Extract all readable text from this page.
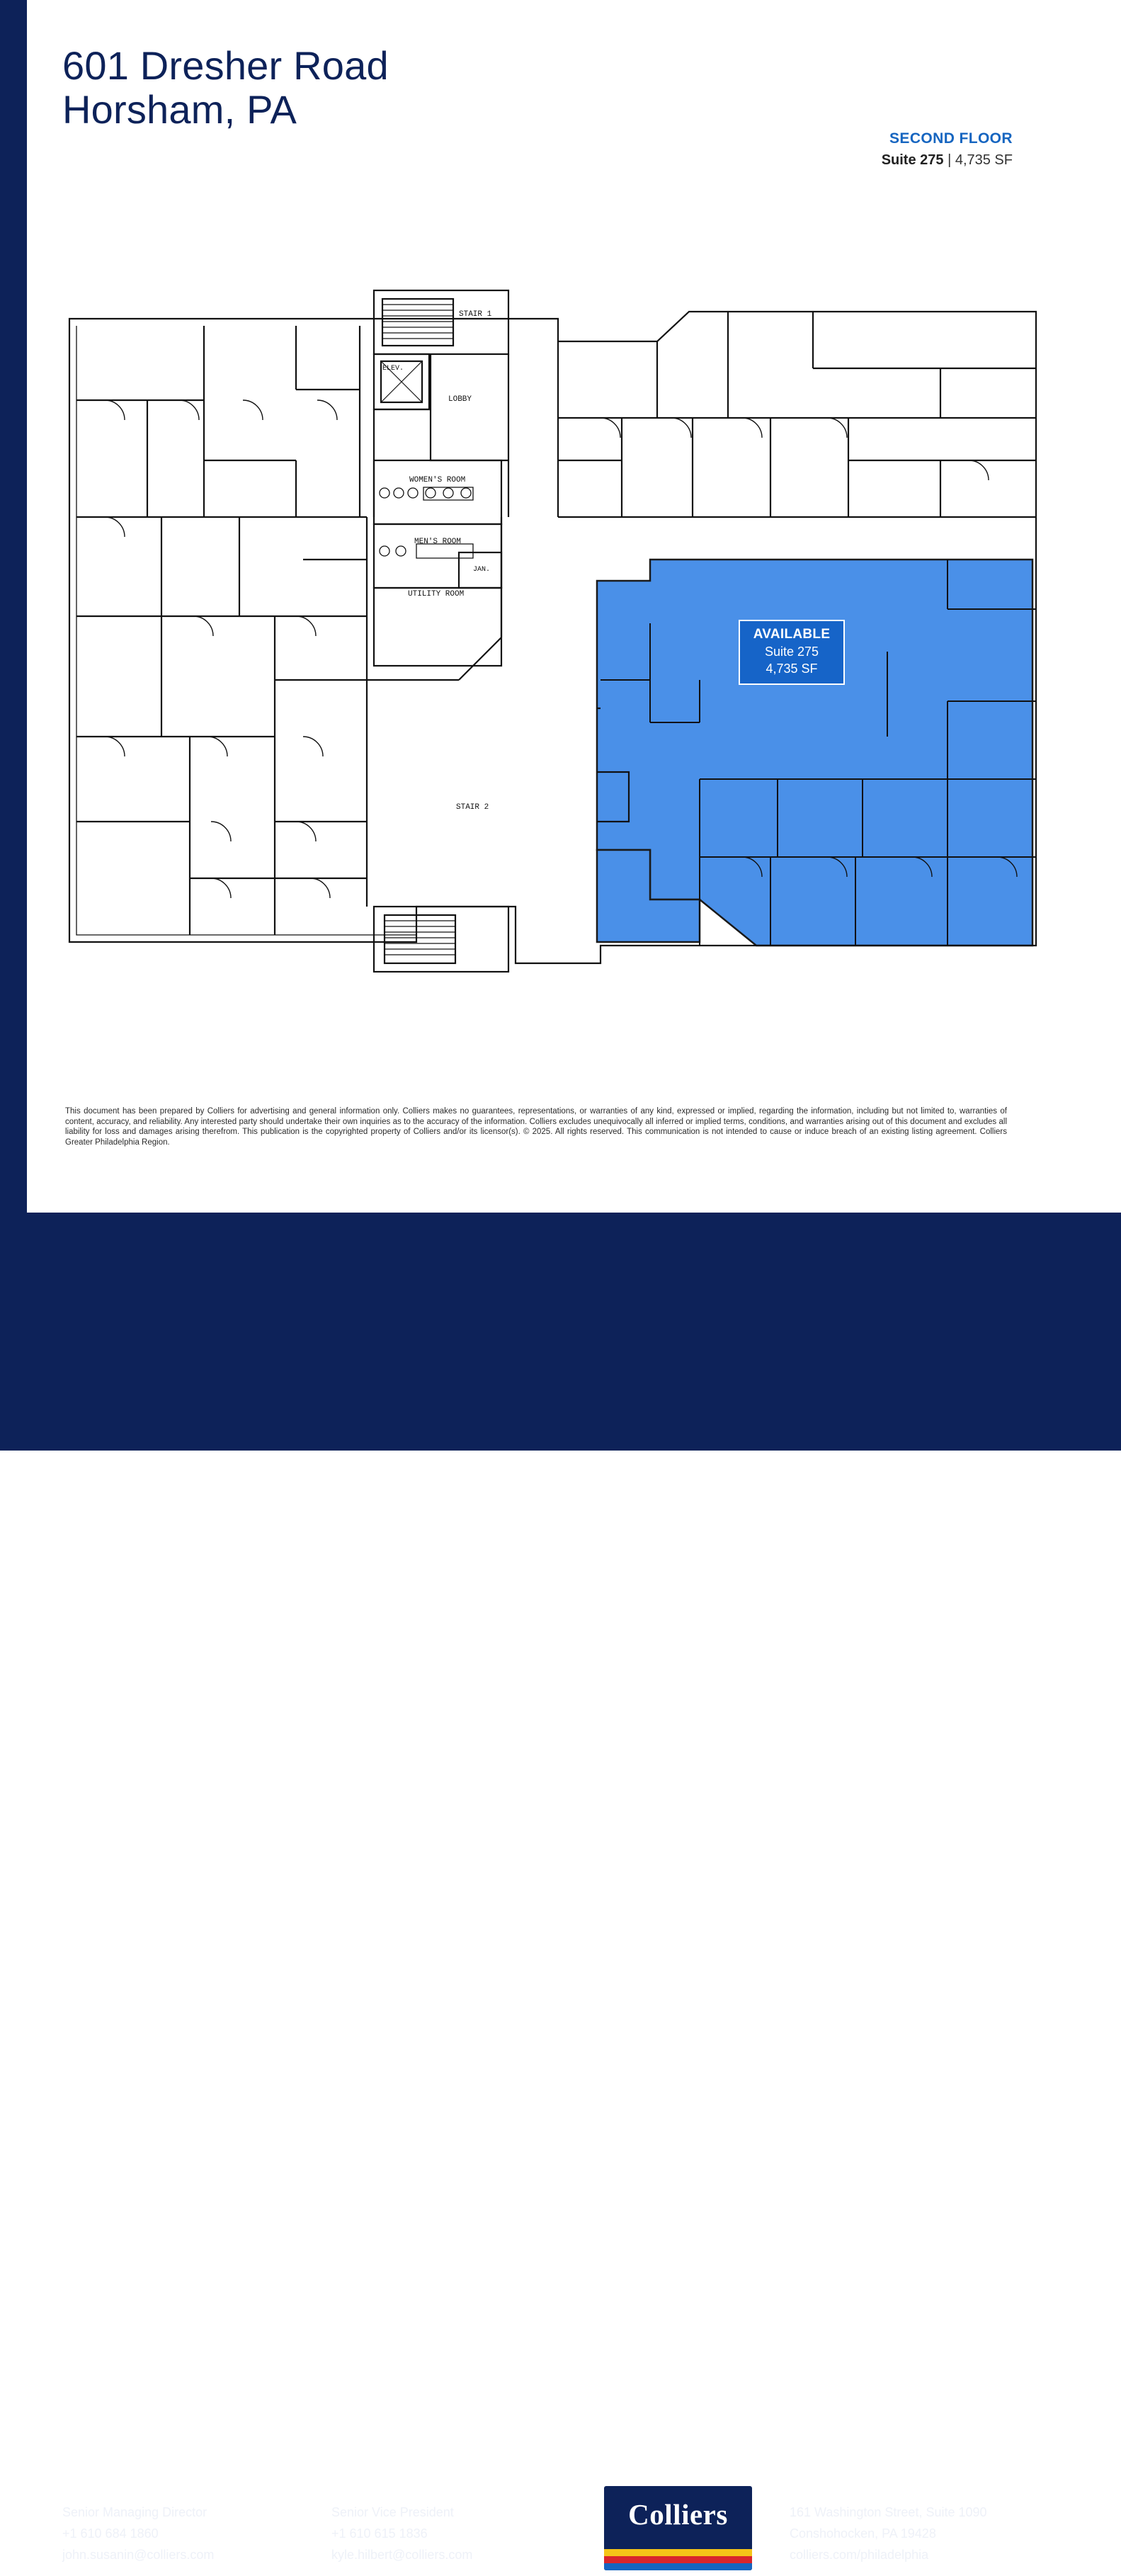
601 Dresher Road
Horsham, PA
SECOND FLOOR
Suite 275 | 4,735 SF
STAIR 1
ELEV.
LOBBY
WOMEN'S ROOM
MEN'S ROOM
JAN.
UTILITY ROOM
STAIR 2
AVAILABLE
Suite 275
4,735 SF
This document has been prepared by Colliers for advertising and general information only. Colliers makes no guarantees, representations, or warranties of any kind, expressed or implied, regarding the information, including but not limited to, warranties of content, accuracy, and reliability. Any interested party should undertake their own inquiries as to the accuracy of the information. Colliers excludes unequivocally all inferred or implied terms, conditions, and warranties arising out of this document and excludes all liability for loss and damages arising therefrom. This publication is the copyrighted property of Colliers and/or its licensor(s). © 2025. All rights reserved. This communication is not intended to cause or induce breach of an existing listing agreement. Colliers Greater Philadelphia Region.
John Susanin
Senior Managing Director
+1 610 684 1860
john.susanin@colliers.com
Kyle Hilbert
Senior Vice President
+1 610 615 1836
kyle.hilbert@colliers.com
Colliers
Colliers
161 Washington Street, Suite 1090
Conshohocken, PA 19428
colliers.com/philadelphia
